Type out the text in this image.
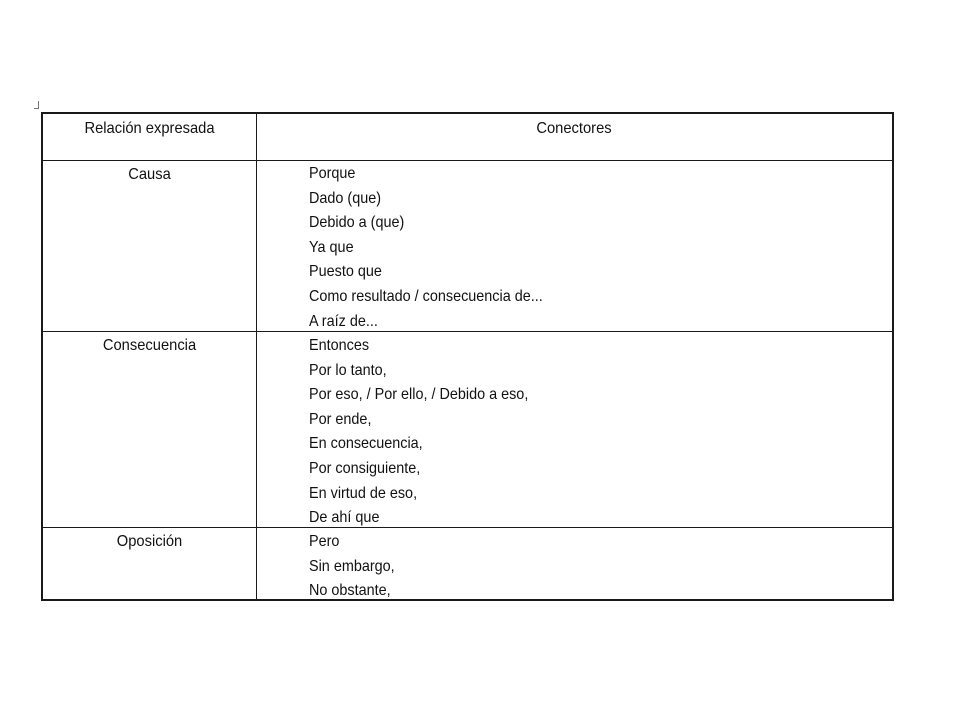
Relación expresada	Conectores
Causa	Porque
Dado (que)
Debido a (que)
Ya que
Puesto que
Como resultado / consecuencia de...
A raíz de...
Consecuencia	Entonces
Por lo tanto,
Por eso, / Por ello, / Debido a eso,
Por ende,
En consecuencia,
Por consiguiente,
En virtud de eso,
De ahí que
Oposición	Pero
Sin embargo,
No obstante,
